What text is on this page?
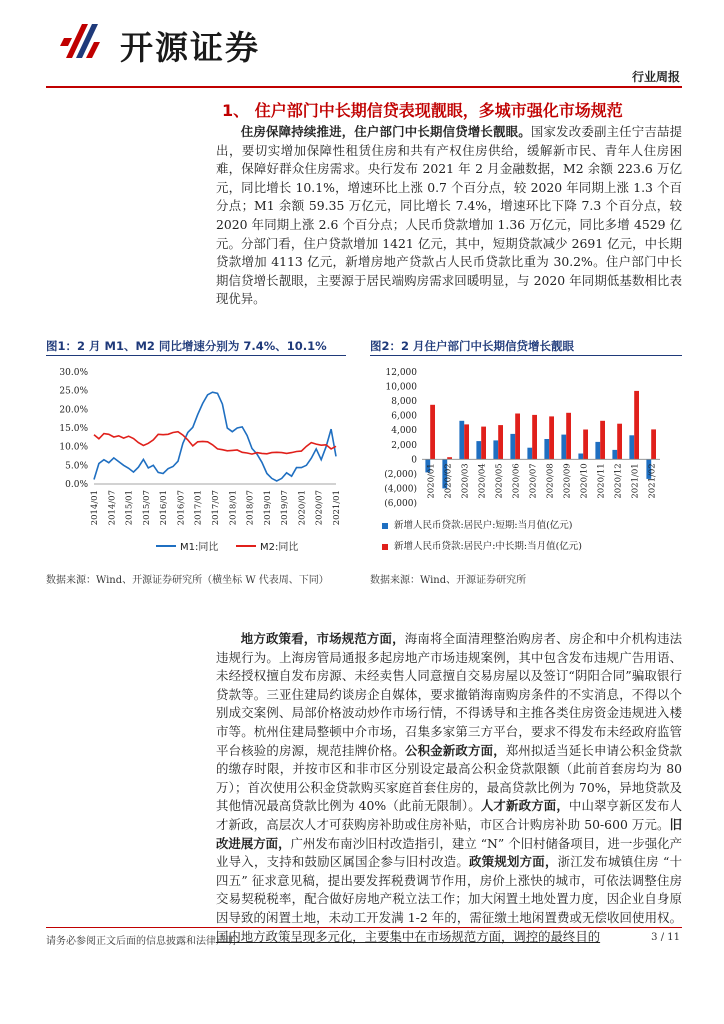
开源证券
行业周报
1、 住户部门中长期信贷表现靓眼，多城市强化市场规范

住房保障持续推进，住户部门中长期信贷增长靓眼。国家发改委副主任宁吉喆提出，要切实增加保障性租赁住房和共有产权住房供给，缓解新市民、青年人住房困难，保障好群众住房需求。央行发布 2021 年 2 月金融数据，M2 余额 223.6 万亿元，同比增长 10.1%，增速环比上涨 0.7 个百分点，较 2020 年同期上涨 1.3 个百分点；M1 余额 59.35 万亿元，同比增长 7.4%，增速环比下降 7.3 个百分点，较 2020 年同期上涨 2.6 个百分点；人民币贷款增加 1.36 万亿元，同比多增 4529 亿元。分部门看，住户贷款增加 1421 亿元，其中，短期贷款减少 2691 亿元，中长期贷款增加 4113 亿元，新增房地产贷款占人民币贷款比重为 30.2%。住户部门中长期信贷增长靓眼，主要源于居民端购房需求回暖明显，与 2020 年同期低基数相比表现优异。

图1：2 月 M1、M2 同比增速分别为 7.4%、10.1%	图2：2 月住户部门中长期信贷增长靓眼
30.0%
25.0%
20.0%
15.0%
10.0%
5.0%
0.0%
2014/01 2014/07 2015/01 2015/07 2016/01 2016/07 2017/01 2017/07 2018/01 2018/07 2019/01 2019/07 2020/01 2020/07 2021/01
M1:同比	M2:同比
12,000
10,000
8,000
6,000
4,000
2,000
0
(2,000)
(4,000)
(6,000)
2020/01 2020/02 2020/03 2020/04 2020/05 2020/06 2020/07 2020/08 2020/09 2020/10 2020/11 2020/12 2021/01 2021/02
新增人民币贷款:居民户:短期:当月值(亿元)
新增人民币贷款:居民户:中长期:当月值(亿元)
数据来源：Wind、开源证券研究所（横坐标 W 代表周、下同）	数据来源：Wind、开源证券研究所

地方政策看，市场规范方面，海南将全面清理整治购房者、房企和中介机构违法违规行为。上海房管局通报多起房地产市场违规案例，其中包含发布违规广告用语、未经授权擅自发布房源、未经卖售人同意擅自交易房屋以及签订“阴阳合同”骗取银行贷款等。三亚住建局约谈房企自媒体，要求撤销海南购房条件的不实消息，不得以个别成交案例、局部价格波动炒作市场行情，不得诱导和主推各类住房资金违规进入楼市等。杭州住建局整顿中介市场，召集多家第三方平台，要求不得发布未经政府监管平台核验的房源，规范挂牌价格。公积金新政方面，郑州拟适当延长申请公积金贷款的缴存时限，并按市区和非市区分别设定最高公积金贷款限额（此前首套房均为 80 万）；首次使用公积金贷款购买家庭首套住房的，最高贷款比例为 70%，异地贷款及其他情况最高贷款比例为 40%（此前无限制）。人才新政方面，中山翠亨新区发布人才新政，高层次人才可获购房补助或住房补贴，市区合计购房补助 50-600 万元。旧改进展方面，广州发布南沙旧村改造指引，建立 “N” 个旧村储备项目，进一步强化产业导入，支持和鼓励区属国企参与旧村改造。政策规划方面，浙江发布城镇住房 “十四五” 征求意见稿，提出要发挥税费调节作用，房价上涨快的城市，可依法调整住房交易契税税率，配合做好房地产税立法工作；加大闲置土地处置力度，因企业自身原因导致的闲置土地，未动工开发满 1-2 年的，需征缴土地闲置费或无偿收回使用权。国内地方政策呈现多元化，主要集中在市场规范方面，调控的最终目的

请务必参阅正文后面的信息披露和法律声明	3 / 11
